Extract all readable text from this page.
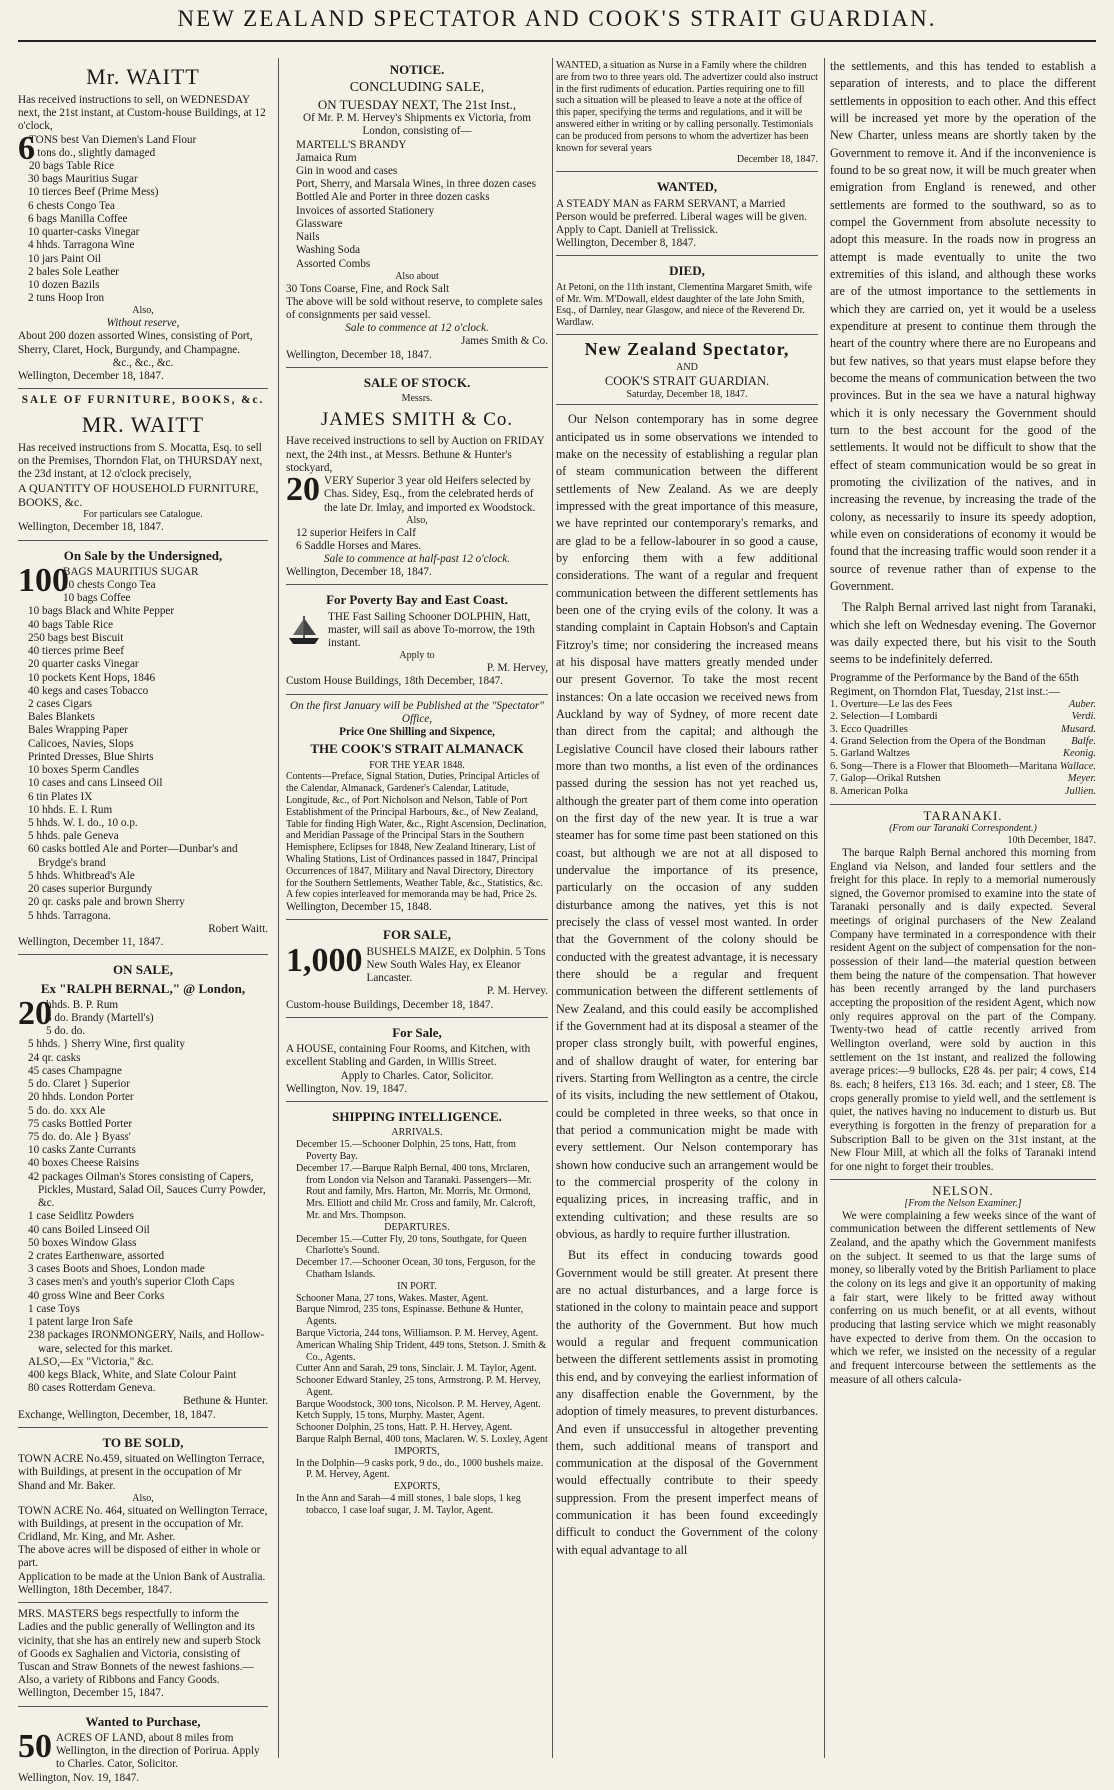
NEW ZEALAND SPECTATOR AND COOK'S STRAIT GUARDIAN.
Mr. WAITT
Has received instructions to sell, on WEDNESDAY next, the 21st instant, at Custom-house Buildings, at 12 o'clock,
6
TONS best Van Diemen's Land Flour
4 tons do., slightly damaged
20 bags Table Rice
30 bags Mauritius Sugar
10 tierces Beef (Prime Mess)
6 chests Congo Tea
6 bags Manilla Coffee
10 quarter-casks Vinegar
4 hhds. Tarragona Wine
10 jars Paint Oil
2 bales Sole Leather
10 dozen Bazils
2 tuns Hoop Iron
Also,
Without reserve,
About 200 dozen assorted Wines, consisting of Port, Sherry, Claret, Hock, Burgundy, and Champagne.
&c., &c., &c.
Wellington, December 18, 1847.
SALE OF FURNITURE, BOOKS, &c.
MR. WAITT
Has received instructions from S. Mocatta, Esq. to sell on the Premises, Thorndon Flat, on THURSDAY next, the 23d instant, at 12 o'clock precisely,
A QUANTITY OF HOUSEHOLD FURNITURE, BOOKS, &c.
For particulars see Catalogue.
Wellington, December 18, 1847.
On Sale by the Undersigned,
100
BAGS MAURITIUS SUGAR
10 chests Congo Tea
10 bags Coffee
10 bags Black and White Pepper
40 bags Table Rice
250 bags best Biscuit
40 tierces prime Beef
20 quarter casks Vinegar
10 pockets Kent Hops, 1846
40 kegs and cases Tobacco
2 cases Cigars
Bales Blankets
Bales Wrapping Paper
Calicoes, Navies, Slops
Printed Dresses, Blue Shirts
10 boxes Sperm Candles
10 cases and cans Linseed Oil
6 tin Plates IX
10 hhds. E. I. Rum
5 hhds. W. I. do., 10 o.p.
5 hhds. pale Geneva
60 casks bottled Ale and Porter—Dunbar's and Brydge's brand
5 hhds. Whitbread's Ale
20 cases superior Burgundy
20 qr. casks pale and brown Sherry
5 hhds. Tarragona.
Robert Waitt.
Wellington, December 11, 1847.
ON SALE,
Ex "RALPH BERNAL," @ London,
20
hhds. B. P. Rum
3 do. Brandy (Martell's)
5 do. do.
5 hhds. } Sherry Wine, first quality
24 qr. casks
45 cases Champagne
5 do. Claret } Superior
20 hhds. London Porter
5 do. do. xxx Ale
75 casks Bottled Porter
75 do. do. Ale } Byass'
10 casks Zante Currants
40 boxes Cheese Raisins
42 packages Oilman's Stores consisting of Capers, Pickles, Mustard, Salad Oil, Sauces Curry Powder, &c.
1 case Seidlitz Powders
40 cans Boiled Linseed Oil
50 boxes Window Glass
2 crates Earthenware, assorted
3 cases Boots and Shoes, London made
3 cases men's and youth's superior Cloth Caps
40 gross Wine and Beer Corks
1 case Toys
1 patent large Iron Safe
238 packages IRONMONGERY, Nails, and Hollow-ware, selected for this market.
ALSO,—Ex "Victoria," &c.
400 kegs Black, White, and Slate Colour Paint
80 cases Rotterdam Geneva.
Bethune & Hunter.
Exchange, Wellington, December, 18, 1847.
TO BE SOLD,
TOWN ACRE No.459, situated on Wellington Terrace, with Buildings, at present in the occupation of Mr Shand and Mr. Baker.
Also,
TOWN ACRE No. 464, situated on Wellington Terrace, with Buildings, at present in the occupation of Mr. Cridland, Mr. King, and Mr. Asher.
The above acres will be disposed of either in whole or part.
Application to be made at the Union Bank of Australia.
Wellington, 18th December, 1847.
MRS. MASTERS begs respectfully to inform the Ladies and the public generally of Wellington and its vicinity, that she has an entirely new and superb Stock of Goods ex Saghalien and Victoria, consisting of Tuscan and Straw Bonnets of the newest fashions.—Also, a variety of Ribbons and Fancy Goods.
Wellington, December 15, 1847.
Wanted to Purchase,
50 ACRES OF LAND, about 8 miles from Wellington, in the direction of Porirua. Apply to Charles. Cator, Solicitor.
Wellington, Nov. 19, 1847.
NOTICE.
CONCLUDING SALE,
ON TUESDAY NEXT, The 21st Inst.,
Of Mr. P. M. Hervey's Shipments ex Victoria, from London, consisting of—
MARTELL'S BRANDY
Jamaica Rum
Gin in wood and cases
Port, Sherry, and Marsala Wines, in three dozen cases
Bottled Ale and Porter in three dozen casks
Invoices of assorted Stationery
Glassware
Nails
Washing Soda
Assorted Combs
Also about
30 Tons Coarse, Fine, and Rock Salt
The above will be sold without reserve, to complete sales of consignments per said vessel.
Sale to commence at 12 o'clock.
James Smith & Co.
Wellington, December 18, 1847.
SALE OF STOCK.
Messrs.
JAMES SMITH & Co.
Have received instructions to sell by Auction on FRIDAY next, the 24th inst., at Messrs. Bethune & Hunter's stockyard,
20 VERY Superior 3 year old Heifers selected by Chas. Sidey, Esq., from the celebrated herds of the late Dr. Imlay, and imported ex Woodstock.
Also,
12 superior Heifers in Calf
6 Saddle Horses and Mares.
Sale to commence at half-past 12 o'clock.
Wellington, December 18, 1847.
For Poverty Bay and East Coast.
THE Fast Sailing Schooner DOLPHIN, Hatt, master, will sail as above To-morrow, the 19th instant.
Apply to
P. M. Hervey,
Custom House Buildings, 18th December, 1847.
On the first January will be Published at the "Spectator" Office,
Price One Shilling and Sixpence,
THE COOK'S STRAIT ALMANACK
FOR THE YEAR 1848.
Contents—Preface, Signal Station, Duties, Principal Articles of the Calendar, Almanack, Gardener's Calendar, Latitude, Longitude, &c., of Port Nicholson and Nelson, Table of Port Establishment of the Principal Harbours, &c., of New Zealand, Table for finding High Water, &c., Right Ascension, Declination, and Meridian Passage of the Principal Stars in the Southern Hemisphere, Eclipses for 1848, New Zealand Itinerary, List of Whaling Stations, List of Ordinances passed in 1847, Principal Occurrences of 1847, Military and Naval Directory, Directory for the Southern Settlements, Weather Table, &c., Statistics, &c.
A few copies interleaved for memoranda may be had, Price 2s.
Wellington, December 15, 1848.
FOR SALE,
1,000 BUSHELS MAIZE, ex Dolphin. 5 Tons New South Wales Hay, ex Eleanor Lancaster.
P. M. Hervey.
Custom-house Buildings, December 18, 1847.
For Sale,
A HOUSE, containing Four Rooms, and Kitchen, with excellent Stabling and Garden, in Willis Street.
Apply to Charles. Cator, Solicitor.
Wellington, Nov. 19, 1847.
SHIPPING INTELLIGENCE.
ARRIVALS.
December 15.—Schooner Dolphin, 25 tons, Hatt, from Poverty Bay.
December 17.—Barque Ralph Bernal, 400 tons, Mrclaren, from London via Nelson and Taranaki. Passengers—Mr. Rout and family, Mrs. Harton, Mr. Morris, Mr. Ormond, Mrs. Elliott and child Mr. Cross and family, Mr. Calcroft, Mr. and Mrs. Thompson.
DEPARTURES.
December 15.—Cutter Fly, 20 tons, Southgate, for Queen Charlotte's Sound.
December 17.—Schooner Ocean, 30 tons, Ferguson, for the Chatham Islands.
IN PORT.
Schooner Mana, 27 tons, Wakes. Master, Agent.
Barque Nimrod, 235 tons, Espinasse. Bethune & Hunter, Agents.
Barque Victoria, 244 tons, Williamson. P. M. Hervey, Agent.
American Whaling Ship Trident, 449 tons, Stetson. J. Smith & Co., Agents.
Cutter Ann and Sarah, 29 tons, Sinclair. J. M. Taylor, Agent.
Schooner Edward Stanley, 25 tons, Armstrong. P. M. Hervey, Agent.
Barque Woodstock, 300 tons, Nicolson. P. M. Hervey, Agent.
Ketch Supply, 15 tons, Murphy. Master, Agent.
Schooner Dolphin, 25 tons, Hatt. P. H. Hervey, Agent.
Barque Ralph Bernal, 400 tons, Maclaren. W. S. Loxley, Agent
IMPORTS,
In the Dolphin—9 casks pork, 9 do., do., 1000 bushels maize. P. M. Hervey, Agent.
EXPORTS,
In the Ann and Sarah—4 mill stones, 1 bale slops, 1 keg tobacco, 1 case loaf sugar, J. M. Taylor, Agent.
WANTED, a situation as Nurse in a Family where the children are from two to three years old. The advertizer could also instruct in the first rudiments of education. Parties requiring one to fill such a situation will be pleased to leave a note at the office of this paper, specifying the terms and regulations, and it will be answered either in writing or by calling personally. Testimonials can be produced from persons to whom the advertizer has been known for several years
December 18, 1847.
WANTED,
A STEADY MAN as FARM SERVANT, a Married Person would be preferred. Liberal wages will be given. Apply to Capt. Daniell at Trelissick.
Wellington, December 8, 1847.
DIED,
At Petoni, on the 11th instant, Clementina Margaret Smith, wife of Mr. Wm. M'Dowall, eldest daughter of the late John Smith, Esq., of Darnley, near Glasgow, and niece of the Reverend Dr. Wardlaw.
New Zealand Spectator,
AND
COOK'S STRAIT GUARDIAN.
Saturday, December 18, 1847.

Our Nelson contemporary has in some degree anticipated us in some observations we intended to make on the necessity of establishing a regular plan of steam communication between the different settlements of New Zealand. As we are deeply impressed with the great importance of this measure, we have reprinted our contemporary's remarks, and are glad to be a fellow-labourer in so good a cause, by enforcing them with a few additional considerations. The want of a regular and frequent communication between the different settlements has been one of the crying evils of the colony. It was a standing complaint in Captain Hobson's and Captain Fitzroy's time; nor considering the increased means at his disposal have matters greatly mended under our present Governor. To take the most recent instances: On a late occasion we received news from Auckland by way of Sydney, of more recent date than direct from the capital; and although the Legislative Council have closed their labours rather more than two months, a list even of the ordinances passed during the session has not yet reached us, although the greater part of them come into operation on the first day of the new year. It is true a war steamer has for some time past been stationed on this coast, but although we are not at all disposed to undervalue the importance of its presence, particularly on the occasion of any sudden disturbance among the natives, yet this is not precisely the class of vessel most wanted. In order that the Government of the colony should be conducted with the greatest advantage, it is necessary there should be a regular and frequent communication between the different settlements of New Zealand, and this could easily be accomplished if the Government had at its disposal a steamer of the proper class strongly built, with powerful engines, and of shallow draught of water, for entering bar rivers. Starting from Wellington as a centre, the circle of its visits, including the new settlement of Otakou, could be completed in three weeks, so that once in that period a communication might be made with every settlement. Our Nelson contemporary has shown how conducive such an arrangement would be to the commercial prosperity of the colony in equalizing prices, in increasing traffic, and in extending cultivation; and these results are so obvious, as hardly to require further illustration.

But its effect in conducing towards good Government would be still greater. At present there are no actual disturbances, and a large force is stationed in the colony to maintain peace and support the authority of the Government. But how much would a regular and frequent communication between the different settlements assist in promoting this end, and by conveying the earliest information of any disaffection enable the Government, by the adoption of timely measures, to prevent disturbances. And even if unsuccessful in altogether preventing them, such additional means of transport and communication at the disposal of the Government would effectually contribute to their speedy suppression. From the present imperfect means of communication it has been found exceedingly difficult to conduct the Government of the colony with equal advantage to all

the settlements, and this has tended to establish a separation of interests, and to place the different settlements in opposition to each other. And this effect will be increased yet more by the operation of the New Charter, unless means are shortly taken by the Government to remove it. And if the inconvenience is found to be so great now, it will be much greater when emigration from England is renewed, and other settlements are formed to the southward, so as to compel the Government from absolute necessity to adopt this measure. In the roads now in progress an attempt is made eventually to unite the two extremities of this island, and although these works are of the utmost importance to the settlements in which they are carried on, yet it would be a useless expenditure at present to continue them through the heart of the country where there are no Europeans and but few natives, so that years must elapse before they become the means of communication between the two provinces. But in the sea we have a natural highway which it is only necessary the Government should turn to the best account for the good of the settlements. It would not be difficult to show that the effect of steam communication would be so great in promoting the civilization of the natives, and in increasing the revenue, by increasing the trade of the colony, as necessarily to insure its speedy adoption, while even on considerations of economy it would be found that the increasing traffic would soon render it a source of revenue rather than of expense to the Government.

The Ralph Bernal arrived last night from Taranaki, which she left on Wednesday evening. The Governor was daily expected there, but his visit to the South seems to be indefinitely deferred.

Programme of the Performance by the Band of the 65th Regiment, on Thorndon Flat, Tuesday, 21st inst.:—
1. Overture—Le las des Fees	Auber.
2. Selection—I Lombardi	Verdi.
3. Ecco Quadrilles	Musard.
4. Grand Selection from the Opera of the Bondman Balfe.
5. Garland Waltzes	Keonig.
6. Song—There is a Flower that Bloometh—Maritana Wallace.
7. Galop—Orikal Rutshen	Meyer.
8. American Polka	Jullien.
TARANAKI.
(From our Taranaki Correspondent.)
10th December, 1847.

The barque Ralph Bernal anchored this morning from England via Nelson, and landed four settlers and the freight for this place. In reply to a memorial numerously signed, the Governor promised to examine into the state of Taranaki personally and is daily expected. Several meetings of original purchasers of the New Zealand Company have terminated in a correspondence with their resident Agent on the subject of compensation for the non-possession of their land—the material question between them being the nature of the compensation. That however has been recently arranged by the land purchasers accepting the proposition of the resident Agent, which now only requires approval on the part of the Company. Twenty-two head of cattle recently arrived from Wellington overland, were sold by auction in this settlement on the 1st instant, and realized the following average prices:—9 bullocks, £28 4s. per pair; 4 cows, £14 8s. each; 8 heifers, £13 16s. 3d. each; and 1 steer, £8. The crops generally promise to yield well, and the settlement is quiet, the natives having no inducement to disturb us. But everything is forgotten in the frenzy of preparation for a Subscription Ball to be given on the 31st instant, at the New Flour Mill, at which all the folks of Taranaki intend for one night to forget their troubles.

NELSON.
[From the Nelson Examiner.]

We were complaining a few weeks since of the want of communication between the different settlements of New Zealand, and the apathy which the Government manifests on the subject. It seemed to us that the large sums of money, so liberally voted by the British Parliament to place the colony on its legs and give it an opportunity of making a fair start, were likely to be fritted away without conferring on us much benefit, or at all events, without producing that lasting service which we might reasonably have expected to derive from them. On the occasion to which we refer, we insisted on the necessity of a regular and frequent intercourse between the settlements as the measure of all others calcula-
